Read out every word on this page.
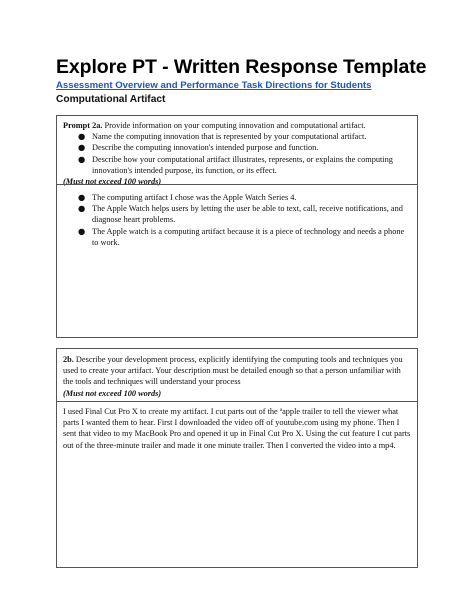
Explore PT - Written Response Template
Assessment Overview and Performance Task Directions for Students
Computational Artifact

Prompt 2a. Provide information on your computing innovation and computational artifact.

● Name the computing innovation that is represented by your computational artifact.
● Describe the computing innovation's intended purpose and function.
● Describe how your computational artifact illustrates, represents, or explains the computing innovation's intended purpose, its function, or its effect.

(Must not exceed 100 words)

● The computing artifact I chose was the Apple Watch Series 4.
● The Apple Watch helps users by letting the user be able to text, call, receive notifications, and diagnose heart problems.
● The Apple watch is a computing artifact because it is a piece of technology and needs a phone to work.

2b. Describe your development process, explicitly identifying the computing tools and techniques you used to create your artifact. Your description must be detailed enough so that a person unfamiliar with the tools and techniques will understand your process

(Must not exceed 100 words)

I used Final Cut Pro X to create my artifact. I cut parts out of the ªapple trailer to tell the viewer what parts I wanted them to hear. First I downloaded the video off of youtube.com using my phone. Then I sent that video to my MacBook Pro and opened it up in Final Cut Pro X. Using the cut feature I cut parts out of the three-minute trailer and made it one minute trailer. Then I converted the video into a mp4.
